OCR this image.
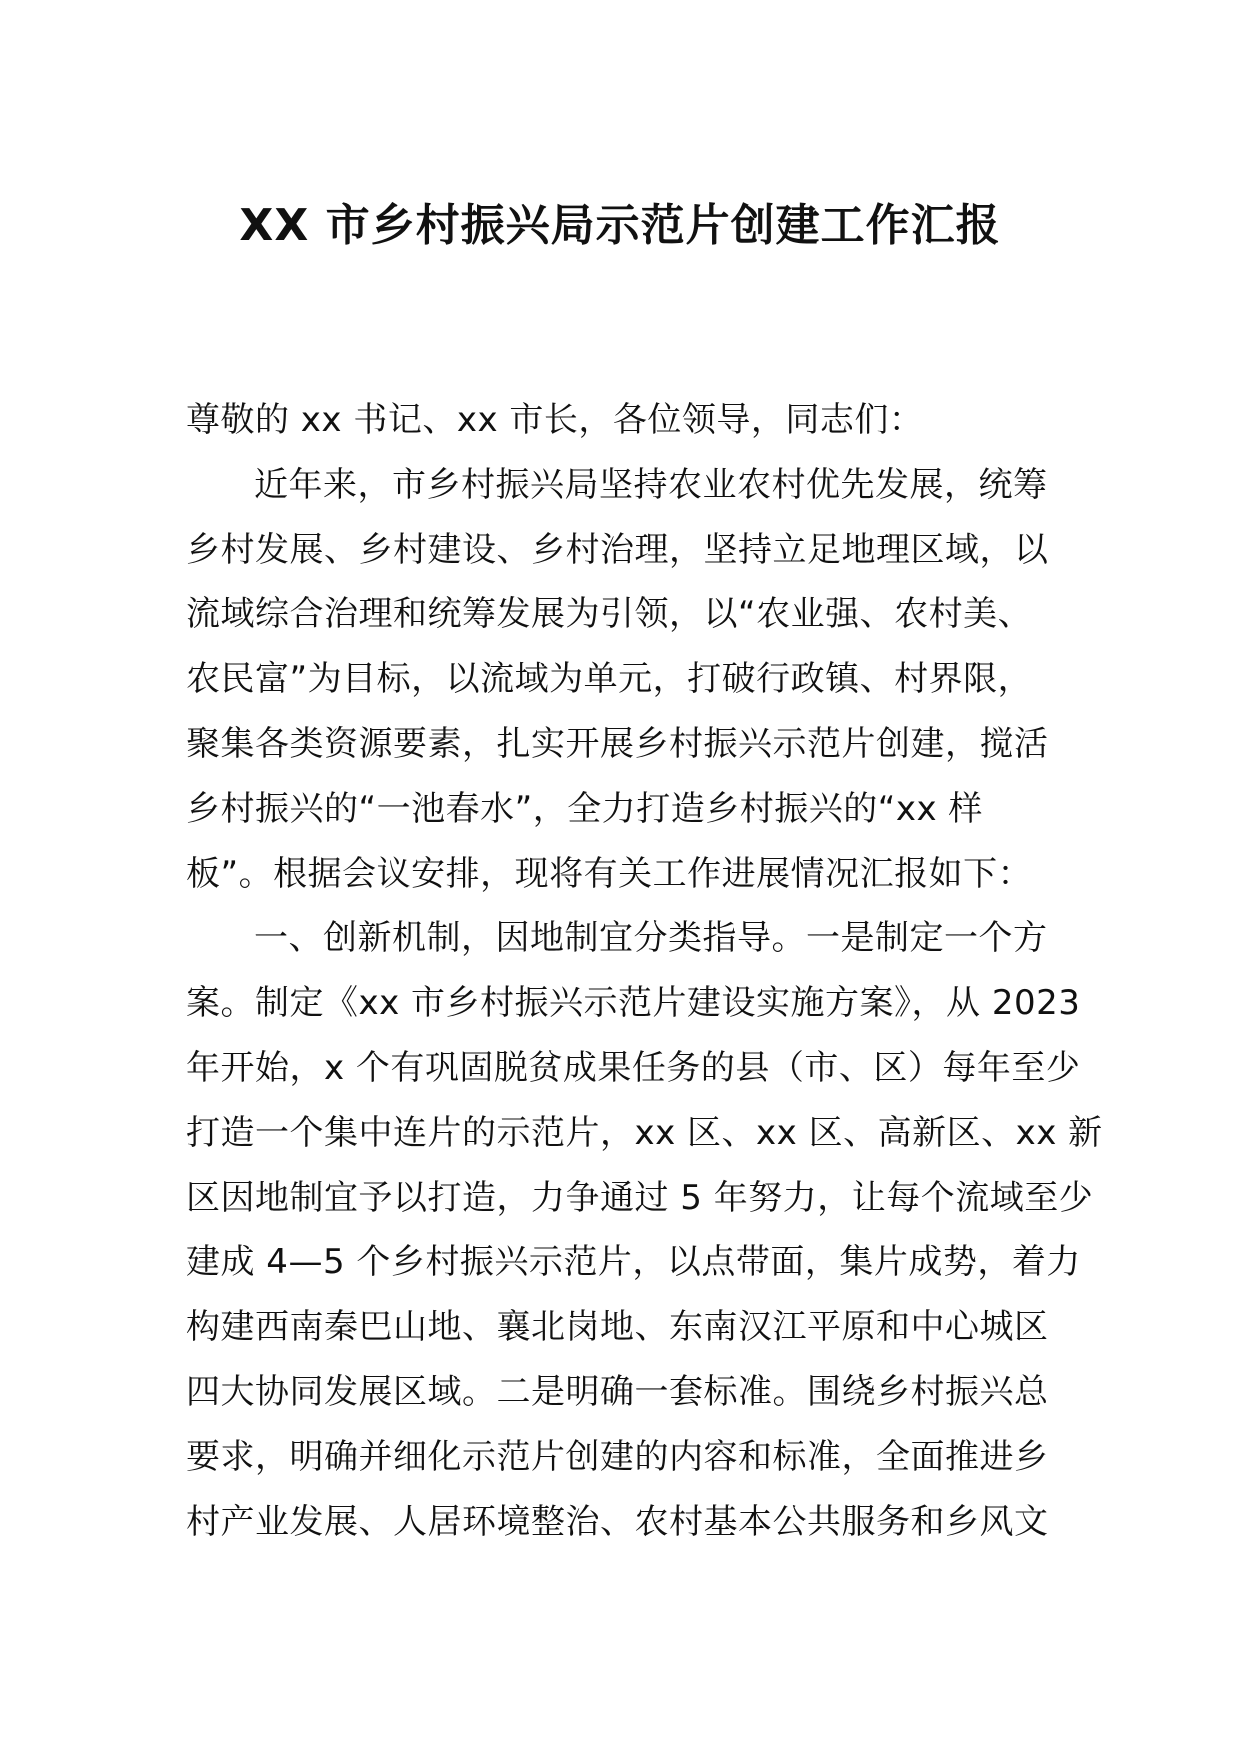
XX 市乡村振兴局示范片创建工作汇报
尊敬的 xx 书记、xx 市长，各位领导，同志们：
近年来，市乡村振兴局坚持农业农村优先发展，统筹
乡村发展、乡村建设、乡村治理，坚持立足地理区域，以
流域综合治理和统筹发展为引领，以“农业强、农村美、
农民富”为目标，以流域为单元，打破行政镇、村界限，
聚集各类资源要素，扎实开展乡村振兴示范片创建，搅活
乡村振兴的“一池春水”，全力打造乡村振兴的“xx 样
板”。根据会议安排，现将有关工作进展情况汇报如下：
一、创新机制，因地制宜分类指导。一是制定一个方
案。制定《xx 市乡村振兴示范片建设实施方案》，从 2023
年开始，x 个有巩固脱贫成果任务的县（市、区）每年至少
打造一个集中连片的示范片，xx 区、xx 区、高新区、xx 新
区因地制宜予以打造，力争通过 5 年努力，让每个流域至少
建成 4—5 个乡村振兴示范片，以点带面，集片成势，着力
构建西南秦巴山地、襄北岗地、东南汉江平原和中心城区
四大协同发展区域。二是明确一套标准。围绕乡村振兴总
要求，明确并细化示范片创建的内容和标准，全面推进乡
村产业发展、人居环境整治、农村基本公共服务和乡风文
